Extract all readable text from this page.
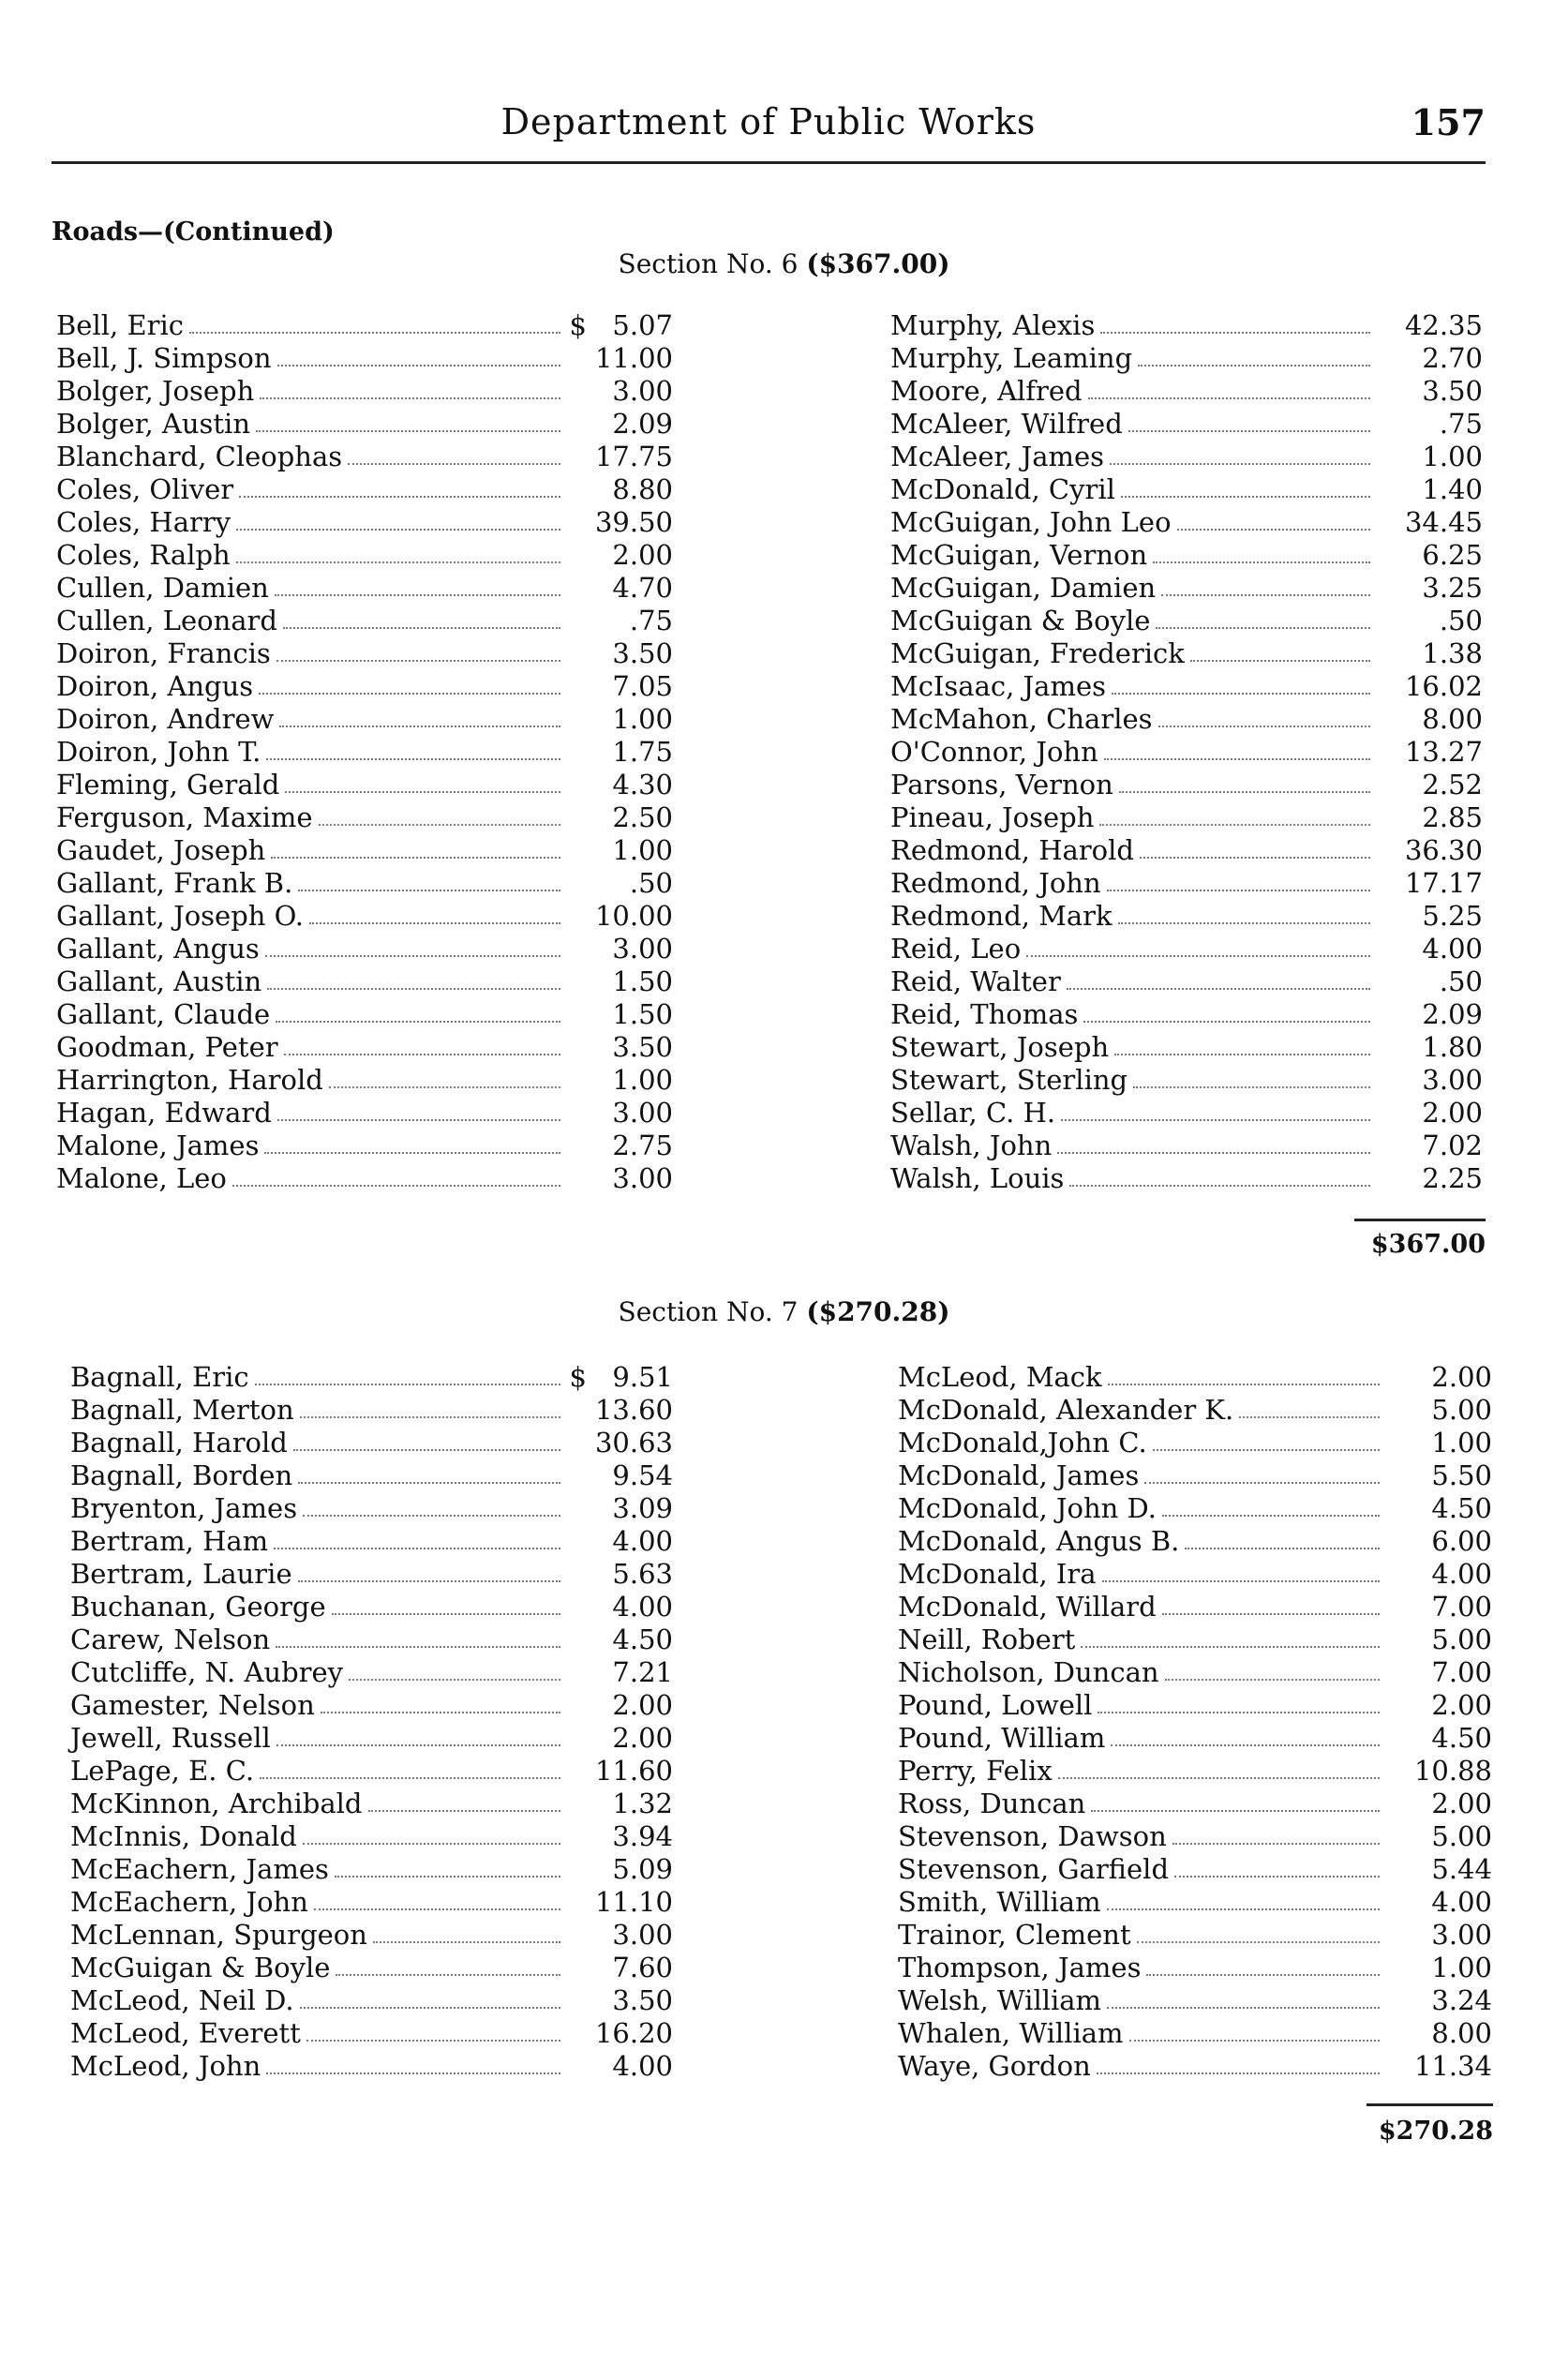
Department of Public Works	157
Roads—(Continued)
Section No. 6 ($367.00)
Bell, Eric	$ 5.07
Bell, J. Simpson	11.00
Bolger, Joseph	3.00
Bolger, Austin	2.09
Blanchard, Cleophas	17.75
Coles, Oliver	8.80
Coles, Harry	39.50
Coles, Ralph	2.00
Cullen, Damien	4.70
Cullen, Leonard	.75
Doiron, Francis	3.50
Doiron, Angus	7.05
Doiron, Andrew	1.00
Doiron, John T.	1.75
Fleming, Gerald	4.30
Ferguson, Maxime	2.50
Gaudet, Joseph	1.00
Gallant, Frank B.	.50
Gallant, Joseph O.	10.00
Gallant, Angus	3.00
Gallant, Austin	1.50
Gallant, Claude	1.50
Goodman, Peter	3.50
Harrington, Harold	1.00
Hagan, Edward	3.00
Malone, James	2.75
Malone, Leo	3.00
Murphy, Alexis	42.35
Murphy, Leaming	2.70
Moore, Alfred	3.50
McAleer, Wilfred	.75
McAleer, James	1.00
McDonald, Cyril	1.40
McGuigan, John Leo	34.45
McGuigan, Vernon	6.25
McGuigan, Damien	3.25
McGuigan & Boyle	.50
McGuigan, Frederick	1.38
McIsaac, James	16.02
McMahon, Charles	8.00
O'Connor, John	13.27
Parsons, Vernon	2.52
Pineau, Joseph	2.85
Redmond, Harold	36.30
Redmond, John	17.17
Redmond, Mark	5.25
Reid, Leo	4.00
Reid, Walter	.50
Reid, Thomas	2.09
Stewart, Joseph	1.80
Stewart, Sterling	3.00
Sellar, C. H.	2.00
Walsh, John	7.02
Walsh, Louis	2.25
$367.00
Section No. 7 ($270.28)
Bagnall, Eric	$ 9.51
Bagnall, Merton	13.60
Bagnall, Harold	30.63
Bagnall, Borden	9.54
Bryenton, James	3.09
Bertram, Ham	4.00
Bertram, Laurie	5.63
Buchanan, George	4.00
Carew, Nelson	4.50
Cutcliffe, N. Aubrey	7.21
Gamester, Nelson	2.00
Jewell, Russell	2.00
LePage, E. C.	11.60
McKinnon, Archibald	1.32
McInnis, Donald	3.94
McEachern, James	5.09
McEachern, John	11.10
McLennan, Spurgeon	3.00
McGuigan & Boyle	7.60
McLeod, Neil D.	3.50
McLeod, Everett	16.20
McLeod, John	4.00
McLeod, Mack	2.00
McDonald, Alexander K.	5.00
McDonald,John C.	1.00
McDonald, James	5.50
McDonald, John D.	4.50
McDonald, Angus B.	6.00
McDonald, Ira	4.00
McDonald, Willard	7.00
Neill, Robert	5.00
Nicholson, Duncan	7.00
Pound, Lowell	2.00
Pound, William	4.50
Perry, Felix	10.88
Ross, Duncan	2.00
Stevenson, Dawson	5.00
Stevenson, Garfield	5.44
Smith, William	4.00
Trainor, Clement	3.00
Thompson, James	1.00
Welsh, William	3.24
Whalen, William	8.00
Waye, Gordon	11.34
$270.28
